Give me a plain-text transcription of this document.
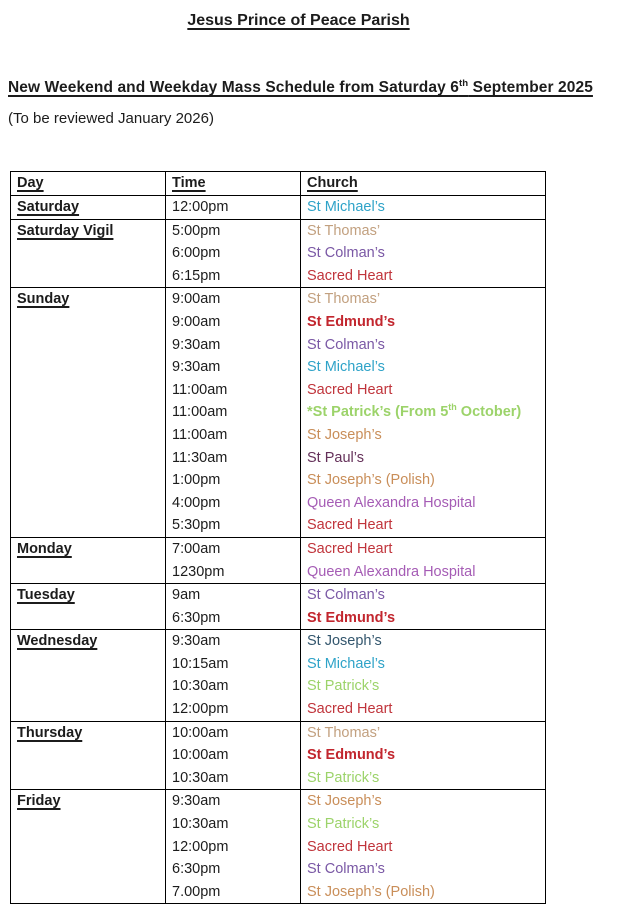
Jesus Prince of Peace Parish
New Weekend and Weekday Mass Schedule from Saturday 6th September 2025
(To be reviewed January 2026)
Day	Time	Church
Saturday	12:00pm	St Michael’s
Saturday Vigil	5:00pm	St Thomas’
	6:00pm	St Colman’s
	6:15pm	Sacred Heart
Sunday	9:00am	St Thomas’
	9:00am	St Edmund’s
	9:30am	St Colman’s
	9:30am	St Michael’s
	11:00am	Sacred Heart
	11:00am	*St Patrick’s (From 5th October)
	11:00am	St Joseph’s
	11:30am	St Paul’s
	1:00pm	St Joseph’s (Polish)
	4:00pm	Queen Alexandra Hospital
	5:30pm	Sacred Heart
Monday	7:00am	Sacred Heart
	1230pm	Queen Alexandra Hospital
Tuesday	9am	St Colman’s
	6:30pm	St Edmund’s
Wednesday	9:30am	St Joseph’s
	10:15am	St Michael’s
	10:30am	St Patrick’s
	12:00pm	Sacred Heart
Thursday	10:00am	St Thomas’
	10:00am	St Edmund’s
	10:30am	St Patrick’s
Friday	9:30am	St Joseph’s
	10:30am	St Patrick’s
	12:00pm	Sacred Heart
	6:30pm	St Colman’s
	7.00pm	St Joseph’s (Polish)
